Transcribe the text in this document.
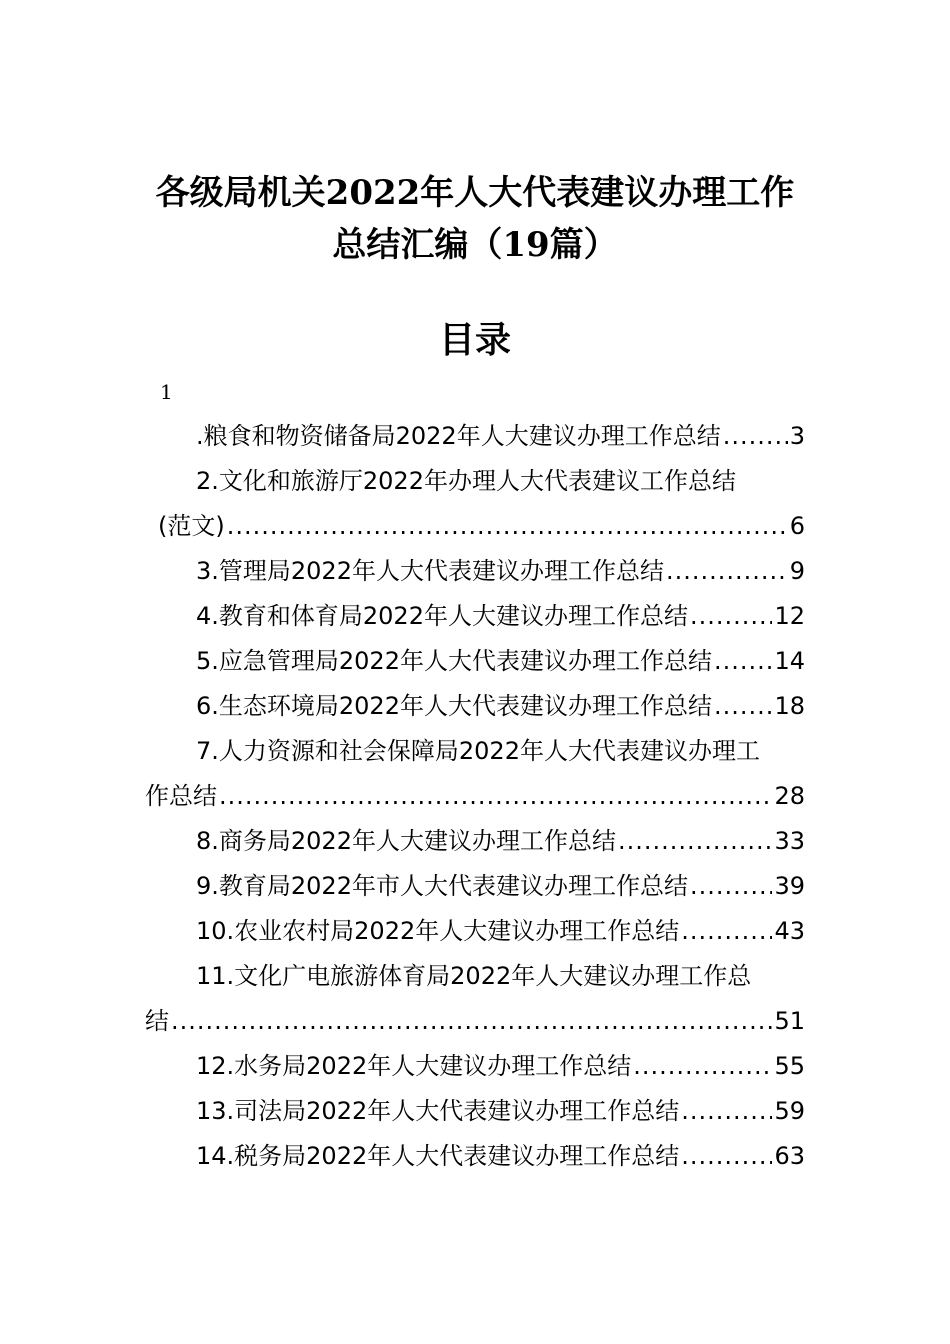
各级局机关2022年人大代表建议办理工作
总结汇编（19篇）
目录
1
.粮食和物资储备局2022年人大建议办理工作总结 .....	3
2.文化和旅游厅2022年办理人大代表建议工作总结
(范文) .....	6
3.管理局2022年人大代表建议办理工作总结 .....	9
4.教育和体育局2022年人大建议办理工作总结 .....	12
5.应急管理局2022年人大代表建议办理工作总结 .....	14
6.生态环境局2022年人大代表建议办理工作总结 .....	18
7.人力资源和社会保障局2022年人大代表建议办理工
作总结 .....	28
8.商务局2022年人大建议办理工作总结 .....	33
9.教育局2022年市人大代表建议办理工作总结 .....	39
10.农业农村局2022年人大建议办理工作总结 .....	43
11.文化广电旅游体育局2022年人大建议办理工作总
结 .....	51
12.水务局2022年人大建议办理工作总结 .....	55
13.司法局2022年人大代表建议办理工作总结 .....	59
14.税务局2022年人大代表建议办理工作总结 .....	63
